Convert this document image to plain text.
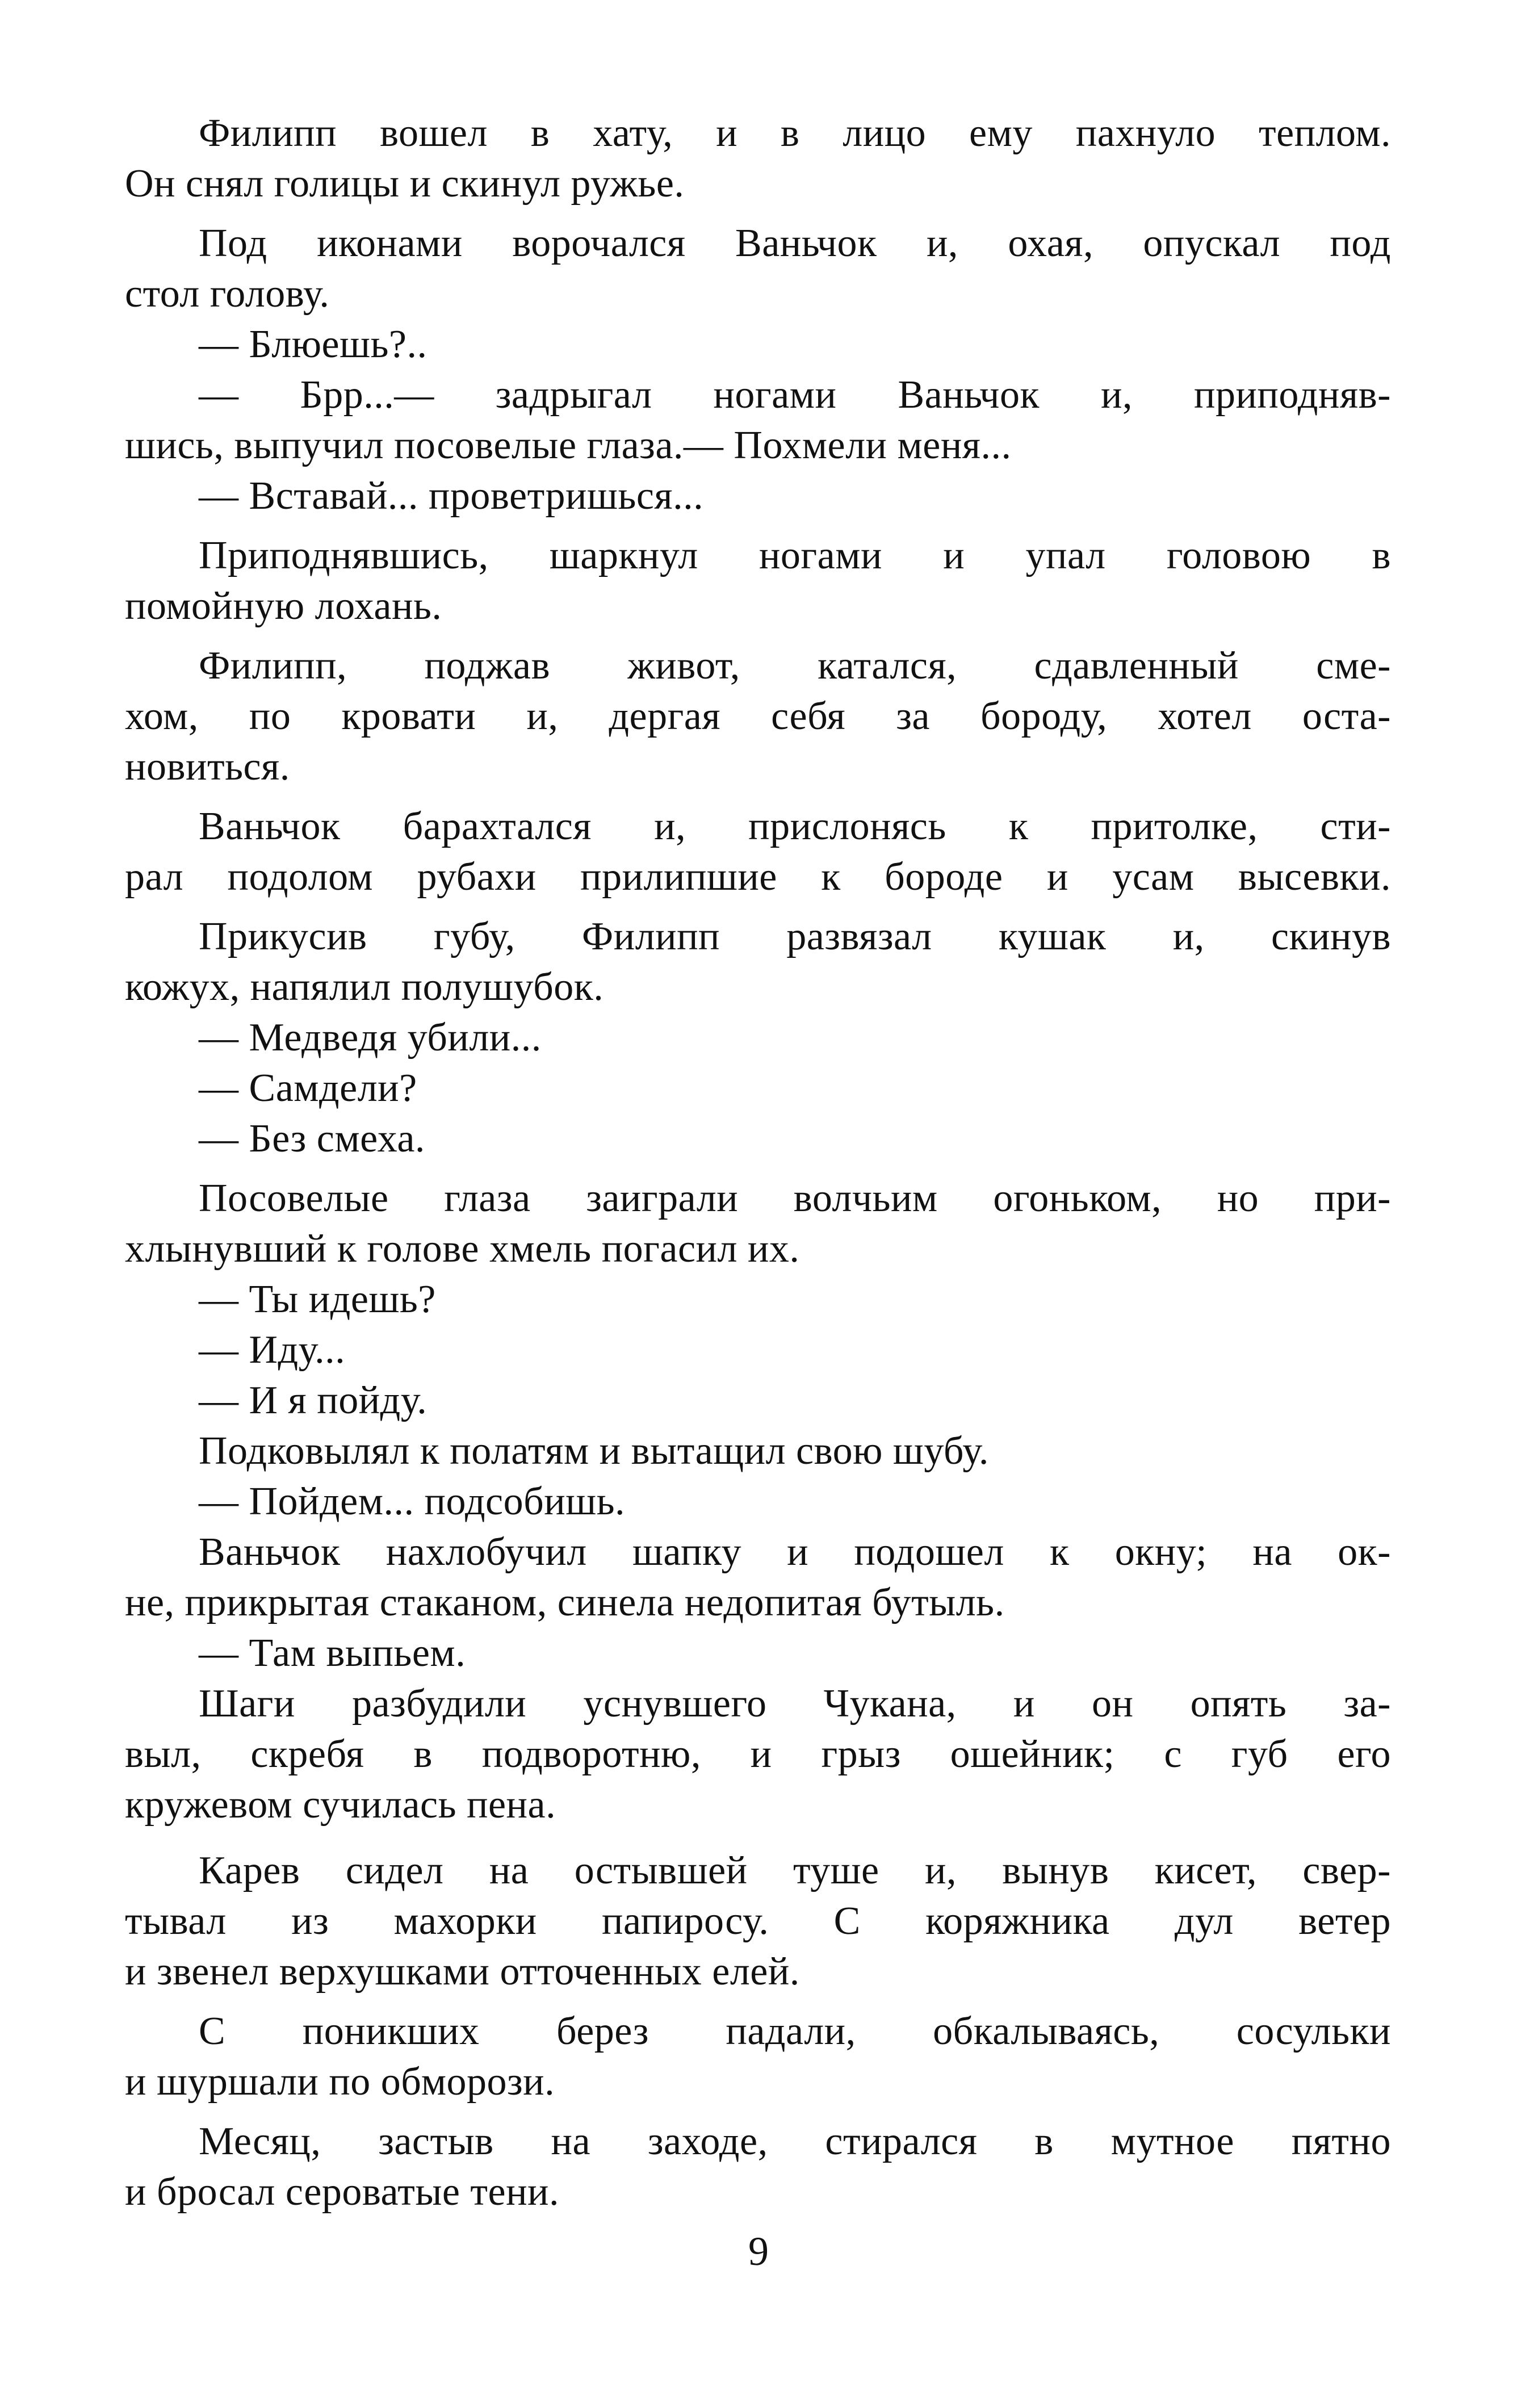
Филипп вошел в хату, и в лицо ему пахнуло теплом.
Он снял голицы и скинул ружье.
Под иконами ворочался Ваньчок и, охая, опускал под
стол голову.
— Блюешь?..
— Брр...— задрыгал ногами Ваньчок и, приподняв-
шись, выпучил посовелые глаза.— Похмели меня...
— Вставай... проветришься...
Приподнявшись, шаркнул ногами и упал головою в
помойную лохань.
Филипп, поджав живот, катался, сдавленный сме-
хом, по кровати и, дергая себя за бороду, хотел оста-
новиться.
Ваньчок барахтался и, прислонясь к притолке, сти-
рал подолом рубахи прилипшие к бороде и усам высевки.
Прикусив губу, Филипп развязал кушак и, скинув
кожух, напялил полушубок.
— Медведя убили...
— Самдели?
— Без смеха.
Посовелые глаза заиграли волчьим огоньком, но при-
хлынувший к голове хмель погасил их.
— Ты идешь?
— Иду...
— И я пойду.
Подковылял к полатям и вытащил свою шубу.
— Пойдем... подсобишь.
Ваньчок нахлобучил шапку и подошел к окну; на ок-
не, прикрытая стаканом, синела недопитая бутыль.
— Там выпьем.
Шаги разбудили уснувшего Чукана, и он опять за-
выл, скребя в подворотню, и грыз ошейник; с губ его
кружевом сучилась пена.
Карев сидел на остывшей туше и, вынув кисет, свер-
тывал из махорки папиросу. С коряжника дул ветер
и звенел верхушками отточенных елей.
С поникших берез падали, обкалываясь, сосульки
и шуршали по обморози.
Месяц, застыв на заходе, стирался в мутное пятно
и бросал сероватые тени.
9
